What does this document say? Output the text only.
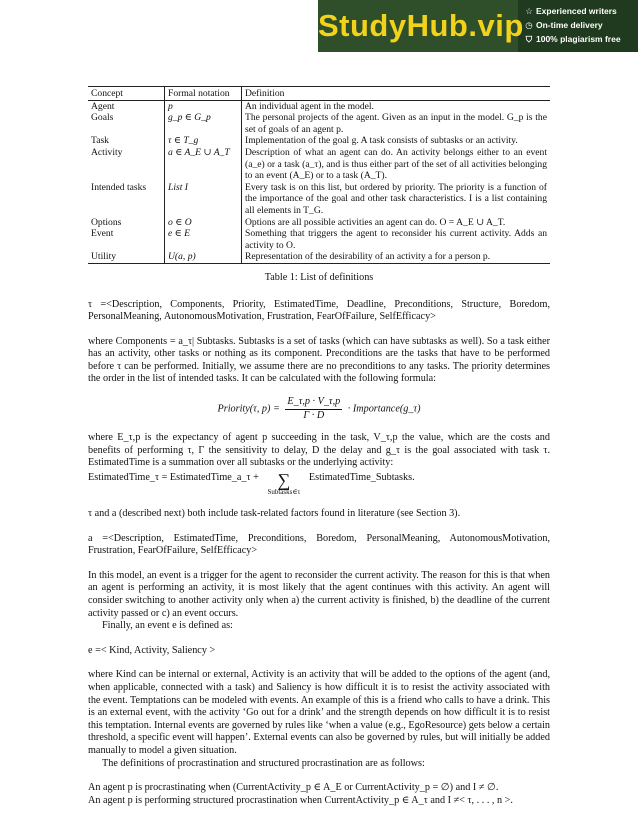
StudyHub.vip ☆ Experienced writers
◷ On-time delivery
⛉ 100% plagiarism free
Concept	Formal notation	Definition
Agent	p	An individual agent in the model.
Goals	g_p ∈ G_p	The personal projects of the agent. Given as an input in the model. G_p is the set of goals of an agent p.
Task	τ ∈ T_g	Implementation of the goal g. A task consists of subtasks or an activity.
Activity	a ∈ A_E ∪ A_T	Description of what an agent can do. An activity belongs either to an event (a_e) or a task (a_τ), and is thus either part of the set of all activities belonging to an event (A_E) or to a task (A_T).
Intended tasks	List I	Every task is on this list, but ordered by priority. The priority is a function of the importance of the goal and other task characteristics. I is a list containing all elements in T_G.
Options	o ∈ O	Options are all possible activities an agent can do. O = A_E ∪ A_T.
Event	e ∈ E	Something that triggers the agent to reconsider his current activity. Adds an activity to O.
Utility	U(a, p)	Representation of the desirability of an activity a for a person p.
Table 1: List of definitions

τ =<Description, Components, Priority, EstimatedTime, Deadline, Preconditions, Structure, Boredom, PersonalMeaning, AutonomousMotivation, Frustration, FearOfFailure, SelfEfficacy>

where Components = a_τ| Subtasks. Subtasks is a set of tasks (which can have subtasks as well). So a task either has an activity, other tasks or nothing as its component. Preconditions are the tasks that have to be performed before τ can be performed. Initially, we assume there are no preconditions to any tasks. The priority determines the order in the list of intended tasks. It can be calculated with the following formula:

Priority(τ, $p) = \frac{E\_\tau,p \cdot V\_\tau,p}{\Gamma \cdot D}$ · Importance(g_τ)

where E_τ,p is the expectancy of agent p succeeding in the task, V_τ,p the value, which are the costs and benefits of performing τ, Γ the sensitivity to delay, D the delay and g_τ is the goal associated with task τ. EstimatedTime is a summation over all subtasks or the underlying activity:

EstimatedTime_τ = EstimatedTime_a_τ +	∑
Subtasks∈τ
EstimatedTime_Subtasks.

τ and a (described next) both include task-related factors found in literature (see Section 3).

a =<Description, EstimatedTime, Preconditions, Boredom, PersonalMeaning, AutonomousMotivation, Frustration, FearOfFailure, SelfEfficacy>

In this model, an event is a trigger for the agent to reconsider the current activity. The reason for this is that when an agent is performing an activity, it is most likely that the agent continues with this activity. An agent will consider switching to another activity only when a) the current activity is finished, b) the deadline of the current activity passed or c) an event occurs.

Finally, an event e is defined as:

e =< Kind, Activity, Saliency >

where Kind can be internal or external, Activity is an activity that will be added to the options of the agent (and, when applicable, connected with a task) and Saliency is how difficult it is to resist the activity associated with the event. Temptations can be modeled with events. An example of this is a friend who calls to have a drink. This is an external event, with the activity ‘Go out for a drink’ and the strength depends on how difficult it is to resist this temptation. Internal events are governed by rules like ‘when a value (e.g., EgoResource) gets below a certain threshold, a specific event will happen’. External events can also be governed by rules, but will initially be added manually to model a given situation.

The definitions of procrastination and structured procrastination are as follows:

An agent p is procrastinating when (CurrentActivity_p ∈ A_E or CurrentActivity_p = ∅) and I ≠ ∅.

An agent p is performing structured procrastination when CurrentActivity_p ∈ A_τ and I ≠< τ, . . . , n >.
